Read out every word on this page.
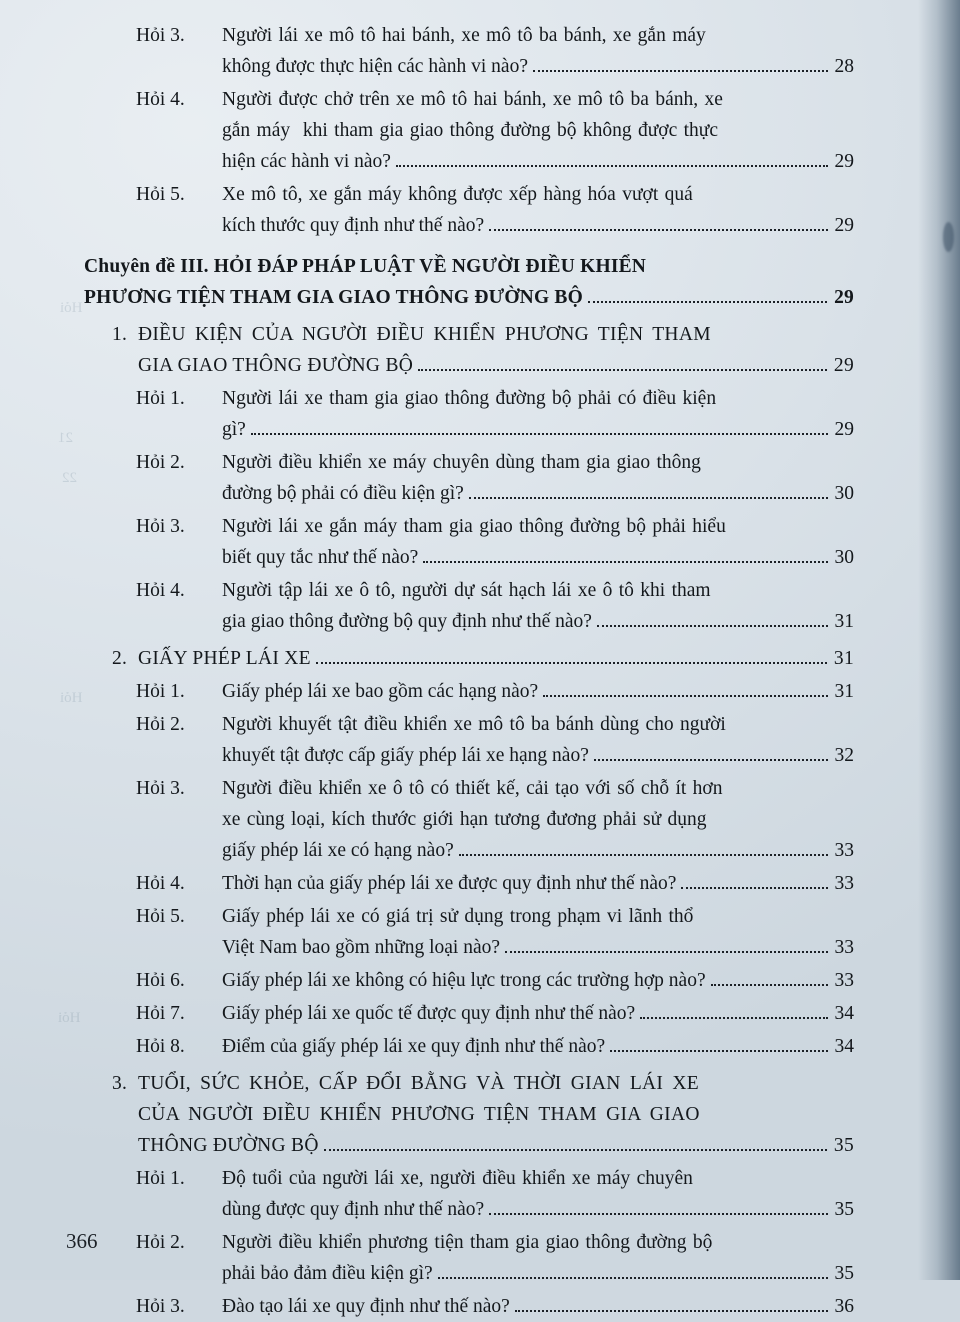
Hỏi
21
22
Hỏi
Hỏi
Hỏi 3.	Người lái xe mô tô hai bánh, xe mô tô ba bánh, xe gắn máy

không được thực hiện các hành vi nào?	28
Hỏi 4.	Người được chở trên xe mô tô hai bánh, xe mô tô ba bánh, xe

gắn máy  khi tham gia giao thông đường bộ không được thực

hiện các hành vi nào?	29
Hỏi 5.	Xe mô tô, xe gắn máy không được xếp hàng hóa vượt quá

kích thước quy định như thế nào?	29
Chuyên đề III. HỎI ĐÁP PHÁP LUẬT VỀ NGƯỜI ĐIỀU KHIỂN
PHƯƠNG TIỆN THAM GIA GIAO THÔNG ĐƯỜNG BỘ	29
1. ĐIỀU KIỆN CỦA NGƯỜI ĐIỀU KHIỂN PHƯƠNG TIỆN THAM

GIA GIAO THÔNG ĐƯỜNG BỘ	29
Hỏi 1.	Người lái xe tham gia giao thông đường bộ phải có điều kiện

gì?	29
Hỏi 2.	Người điều khiển xe máy chuyên dùng tham gia giao thông

đường bộ phải có điều kiện gì?	30
Hỏi 3.	Người lái xe gắn máy tham gia giao thông đường bộ phải hiểu

biết quy tắc như thế nào?	30
Hỏi 4.	Người tập lái xe ô tô, người dự sát hạch lái xe ô tô khi tham

gia giao thông đường bộ quy định như thế nào?	31
2. GIẤY PHÉP LÁI XE	31
Hỏi 1.	Giấy phép lái xe bao gồm các hạng nào?	31
Hỏi 2.	Người khuyết tật điều khiển xe mô tô ba bánh dùng cho người

khuyết tật được cấp giấy phép lái xe hạng nào?	32
Hỏi 3.	Người điều khiển xe ô tô có thiết kế, cải tạo với số chỗ ít hơn

xe cùng loại, kích thước giới hạn tương đương phải sử dụng

giấy phép lái xe có hạng nào?	33
Hỏi 4.	Thời hạn của giấy phép lái xe được quy định như thế nào?	33
Hỏi 5.	Giấy phép lái xe có giá trị sử dụng trong phạm vi lãnh thổ

Việt Nam bao gồm những loại nào?	33
Hỏi 6.	Giấy phép lái xe không có hiệu lực trong các trường hợp nào?	33
Hỏi 7.	Giấy phép lái xe quốc tế được quy định như thế nào?	34
Hỏi 8.	Điểm của giấy phép lái xe quy định như thế nào?	34
3. TUỔI, SỨC KHỎE, CẤP ĐỔI BẰNG VÀ THỜI GIAN LÁI XE

CỦA NGƯỜI ĐIỀU KHIỂN PHƯƠNG TIỆN THAM GIA GIAO

THÔNG ĐƯỜNG BỘ	35
Hỏi 1.	Độ tuổi của người lái xe, người điều khiển xe máy chuyên

dùng được quy định như thế nào?	35
Hỏi 2.	Người điều khiển phương tiện tham gia giao thông đường bộ

phải bảo đảm điều kiện gì?	35
Hỏi 3.	Đào tạo lái xe quy định như thế nào?	36
366
